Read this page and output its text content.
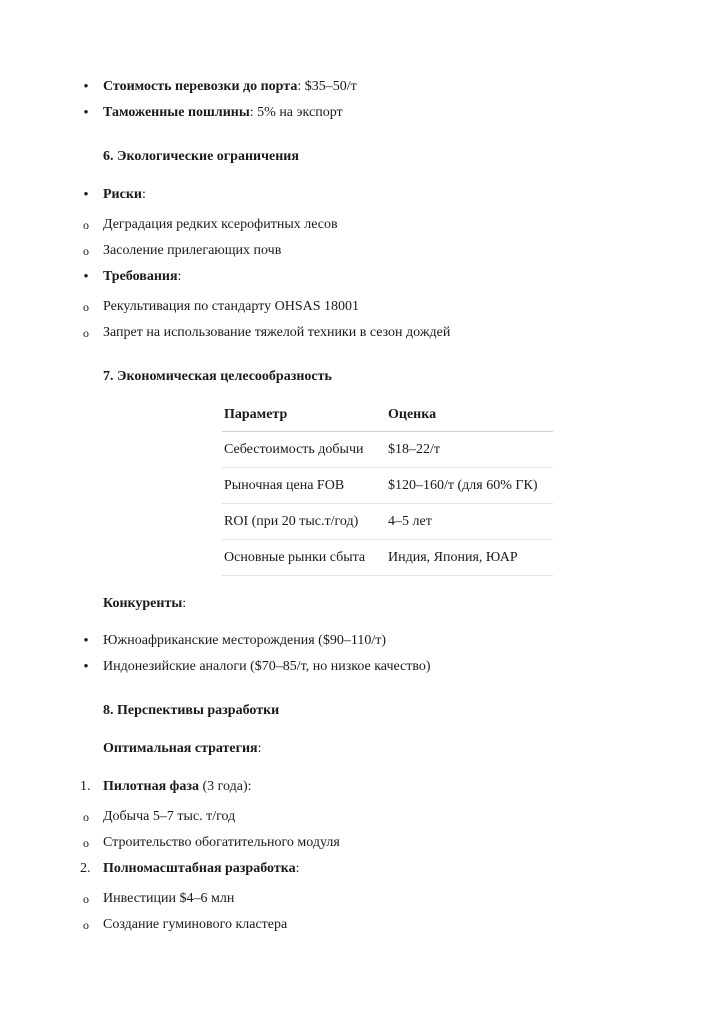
•
Стоимость перевозки до порта: $35–50/т
•
Таможенные пошлины: 5% на экспорт
6. Экологические ограничения
•
Риски:
o
Деградация редких ксерофитных лесов
o
Засоление прилегающих почв
•
Требования:
o
Рекультивация по стандарту OHSAS 18001
o
Запрет на использование тяжелой техники в сезон дождей
7. Экономическая целесообразность
Параметр	Оценка
Себестоимость добычи $18–22/т
Рыночная цена FOB	$120–160/т (для 60% ГК)
ROI (при 20 тыс.т/год) 4–5 лет
Основные рынки сбыта Индия, Япония, ЮАР
Конкуренты:
•
Южноафриканские месторождения ($90–110/т)
•
Индонезийские аналоги ($70–85/т, но низкое качество)
8. Перспективы разработки
Оптимальная стратегия:
1. Пилотная фаза (3 года):
o
Добыча 5–7 тыс. т/год
o
Строительство обогатительного модуля
2. Полномасштабная разработка:
o
Инвестиции $4–6 млн
o
Создание гуминового кластера
